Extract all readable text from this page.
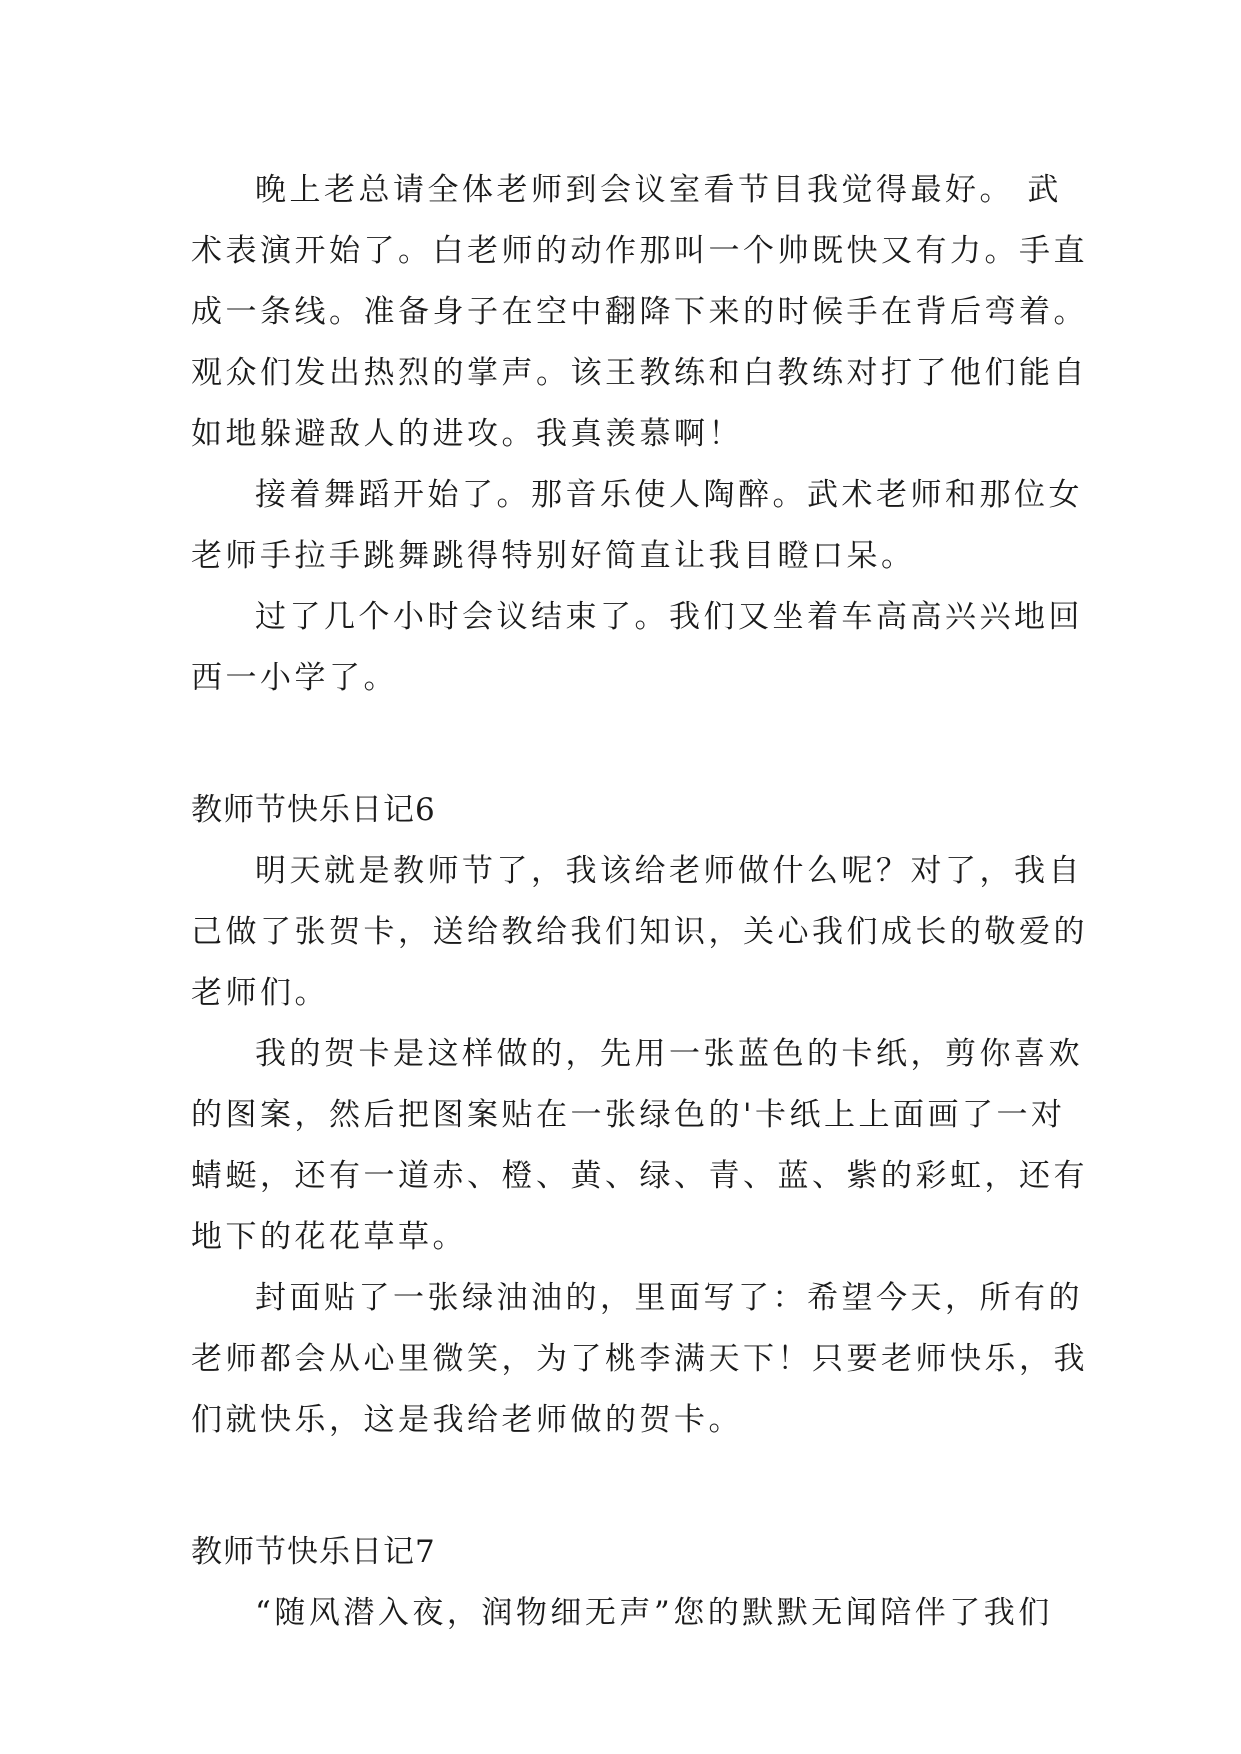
晚上老总请全体老师到会议室看节目我觉得最好。 武
术表演开始了。白老师的动作那叫一个帅既快又有力。手直
成一条线。准备身子在空中翻降下来的时候手在背后弯着。
观众们发出热烈的掌声。该王教练和白教练对打了他们能自
如地躲避敌人的进攻。我真羡慕啊！
接着舞蹈开始了。那音乐使人陶醉。武术老师和那位女
老师手拉手跳舞跳得特别好简直让我目瞪口呆。
过了几个小时会议结束了。我们又坐着车高高兴兴地回
西一小学了。
教师节快乐日记6
明天就是教师节了，我该给老师做什么呢？对了，我自
己做了张贺卡，送给教给我们知识，关心我们成长的敬爱的
老师们。
我的贺卡是这样做的，先用一张蓝色的卡纸，剪你喜欢
的图案，然后把图案贴在一张绿色的'卡纸上上面画了一对
蜻蜓，还有一道赤、橙、黄、绿、青、蓝、紫的彩虹，还有
地下的花花草草。
封面贴了一张绿油油的，里面写了：希望今天，所有的
老师都会从心里微笑，为了桃李满天下！只要老师快乐，我
们就快乐，这是我给老师做的贺卡。
教师节快乐日记7
“随风潜入夜，润物细无声”您的默默无闻陪伴了我们
